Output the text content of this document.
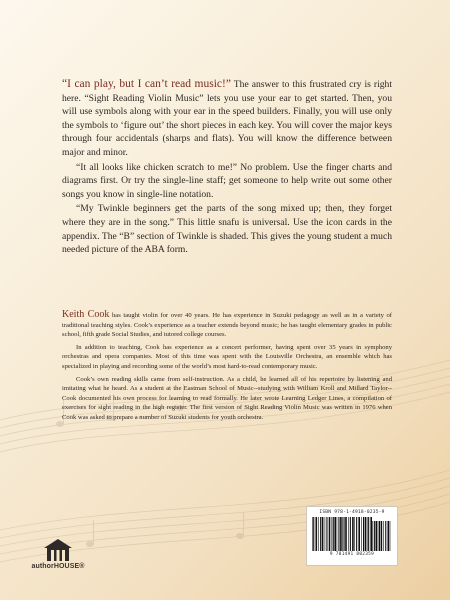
“I can play, but I can’t read music!” The answer to this frustrated cry is right here. “Sight Reading Violin Music” lets you use your ear to get started. Then, you will use symbols along with your ear in the speed builders. Finally, you will use only the symbols to ‘figure out’ the short pieces in each key. You will cover the major keys through four accidentals (sharps and flats). You will know the difference between major and minor.

“It all looks like chicken scratch to me!” No problem. Use the finger charts and diagrams first. Or try the single-line staff; get someone to help write out some other songs you know in single-line notation.

“My Twinkle beginners get the parts of the song mixed up; then, they forget where they are in the song.” This little snafu is universal. Use the icon cards in the appendix. The “B” section of Twinkle is shaded. This gives the young student a much needed picture of the ABA form.

Keith Cook has taught violin for over 40 years. He has experience in Suzuki pedagogy as well as in a variety of traditional teaching styles. Cook’s experience as a teacher extends beyond music; he has taught elementary grades in public school, fifth grade Social Studies, and tutored college courses.

In addition to teaching, Cook has experience as a concert performer, having spent over 35 years in symphony orchestras and opera companies. Most of this time was spent with the Louisville Orchestra, an ensemble which has specialized in playing and recording some of the world’s most hard-to-read contemporary music.

Cook’s own reading skills came from self-instruction. As a child, he learned all of his repertoire by listening and imitating what he heard. As a student at the Eastman School of Music--studying with William Kroll and Millard Taylor--Cook documented his own process for learning to read formally. He later wrote Learning Ledger Lines, a compilation of exercises for sight reading in the high register. The first version of Sight Reading Violin Music was written in 1976 when Cook was asked to prepare a number of Suzuki students for youth orchestra.

authorHOUSE®
ISBN 978-1-4918-0235-9
9 781491 802359
